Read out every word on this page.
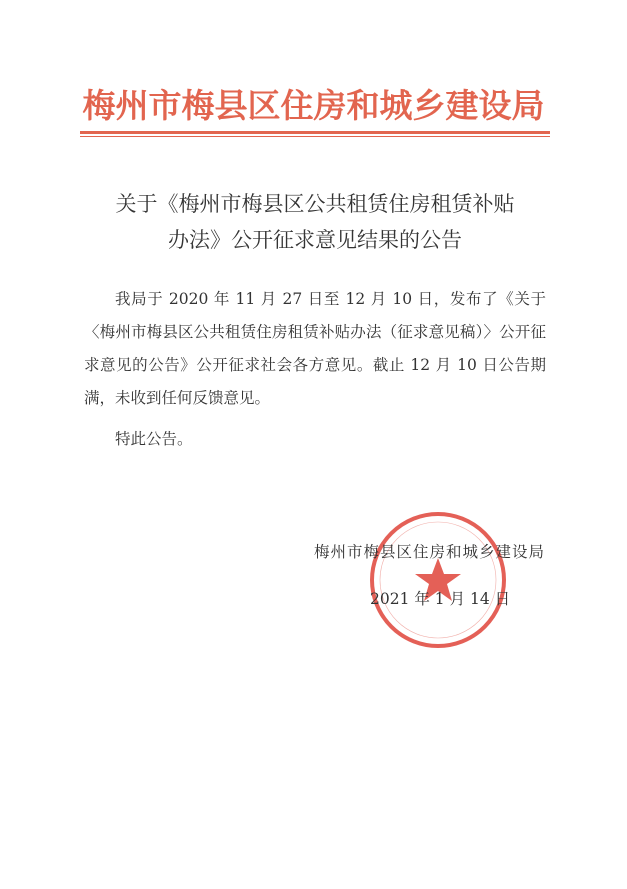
梅州市梅县区住房和城乡建设局
关于《梅州市梅县区公共租赁住房租赁补贴
办法》公开征求意见结果的公告

我局于 2020 年 11 月 27 日至 12 月 10 日，发布了《关于〈梅州市梅县区公共租赁住房租赁补贴办法（征求意见稿）〉公开征求意见的公告》公开征求社会各方意见。截止 12 月 10 日公告期满，未收到任何反馈意见。

特此公告。
梅州市梅县区住房和城乡建设局
2021 年 1 月 14 日
